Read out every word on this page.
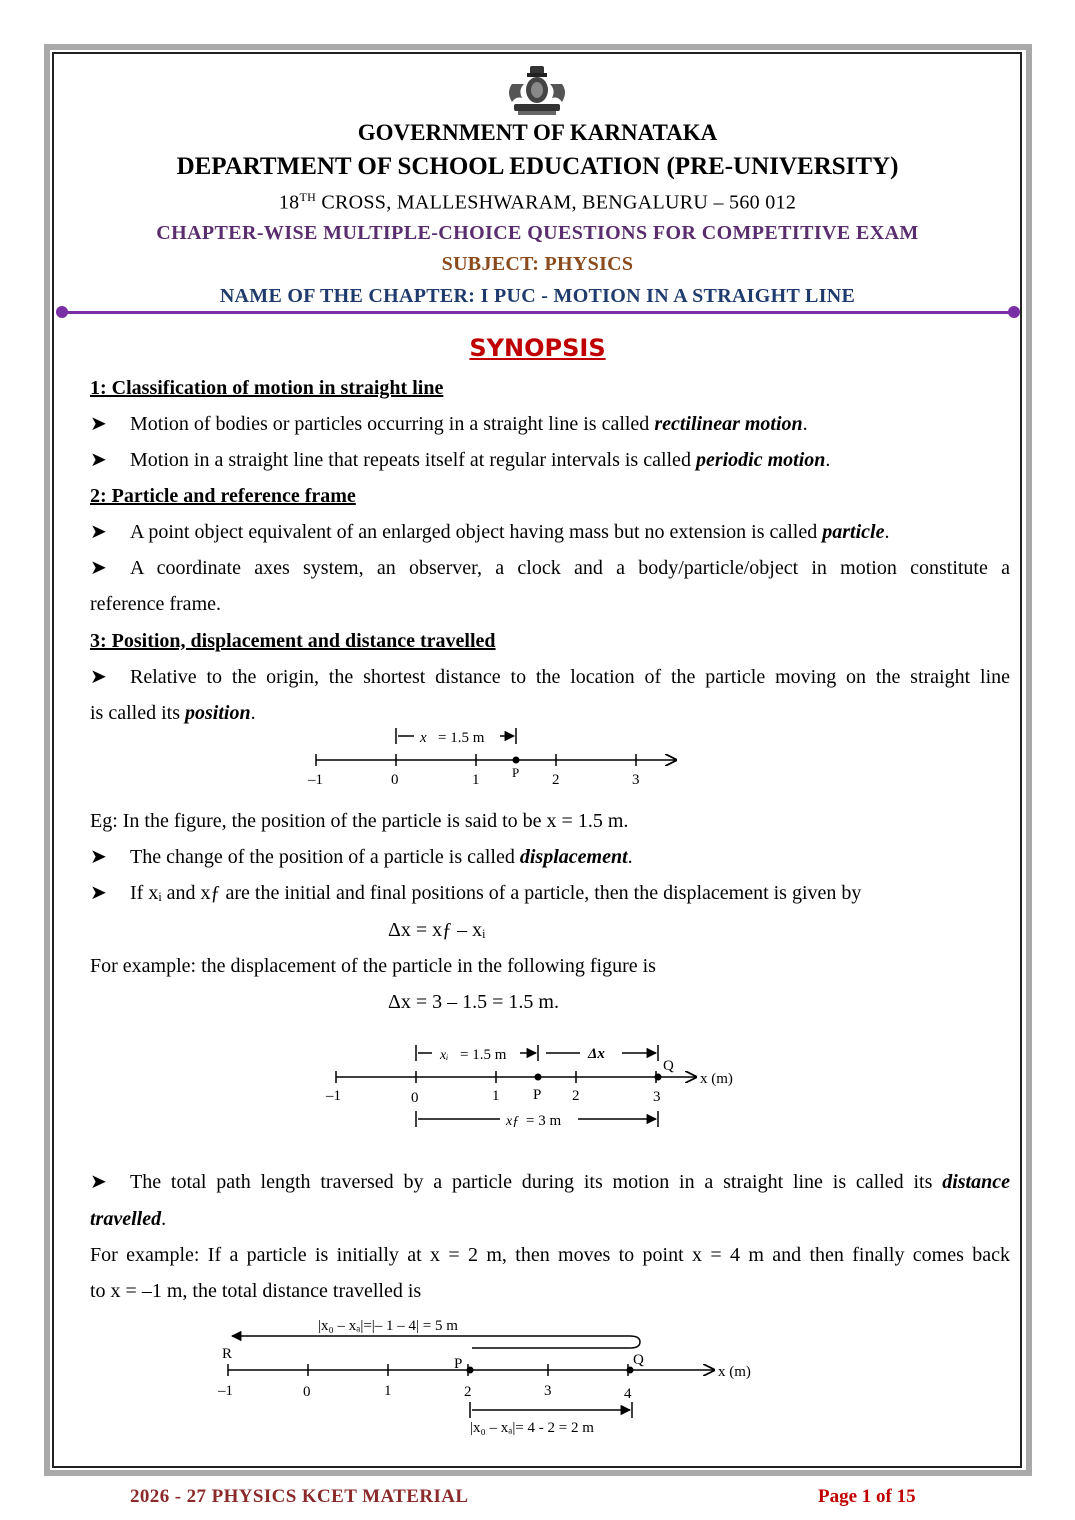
GOVERNMENT OF KARNATAKA
DEPARTMENT OF SCHOOL EDUCATION (PRE-UNIVERSITY)
18TH CROSS, MALLESHWARAM, BENGALURU – 560 012
CHAPTER-WISE MULTIPLE-CHOICE QUESTIONS FOR COMPETITIVE EXAM
SUBJECT: PHYSICS
NAME OF THE CHAPTER: I PUC - MOTION IN A STRAIGHT LINE
SYNOPSIS
1: Classification of motion in straight line
➤ Motion of bodies or particles occurring in a straight line is called rectilinear motion.
➤ Motion in a straight line that repeats itself at regular intervals is called periodic motion.
2: Particle and reference frame
➤ A point object equivalent of an enlarged object having mass but no extension is called particle.
➤ A coordinate axes system, an observer, a clock and a body/particle/object in motion constitute a
reference frame.
3: Position, displacement and distance travelled
➤ Relative to the origin, the shortest distance to the location of the particle moving on the straight line
is called its position.
–1	0	1	2	3
P
x = 1.5 m
–1	0	1	2	3
P
Q
x (m)
xᵢ = 1.5 m	Δx
xƒ = 3 m
–1	0	1	2	3	4
R
P	Q
x (m)
|x₀ – xₐ|=|– 1 – 4| = 5 m
|x₀ – xₐ|= 4 - 2 = 2 m
Eg: In the figure, the position of the particle is said to be x = 1.5 m.
➤ The change of the position of a particle is called displacement.
➤ If xᵢ and xƒ are the initial and final positions of a particle, then the displacement is given by
Δx = xƒ – xᵢ
For example: the displacement of the particle in the following figure is
Δx = 3 – 1.5 = 1.5 m.
➤ The total path length traversed by a particle during its motion in a straight line is called its distance
travelled.
For example: If a particle is initially at x = 2 m, then moves to point x = 4 m and then finally comes back
to x = –1 m, the total distance travelled is
2026 - 27 PHYSICS KCET MATERIAL	Page 1 of 15
